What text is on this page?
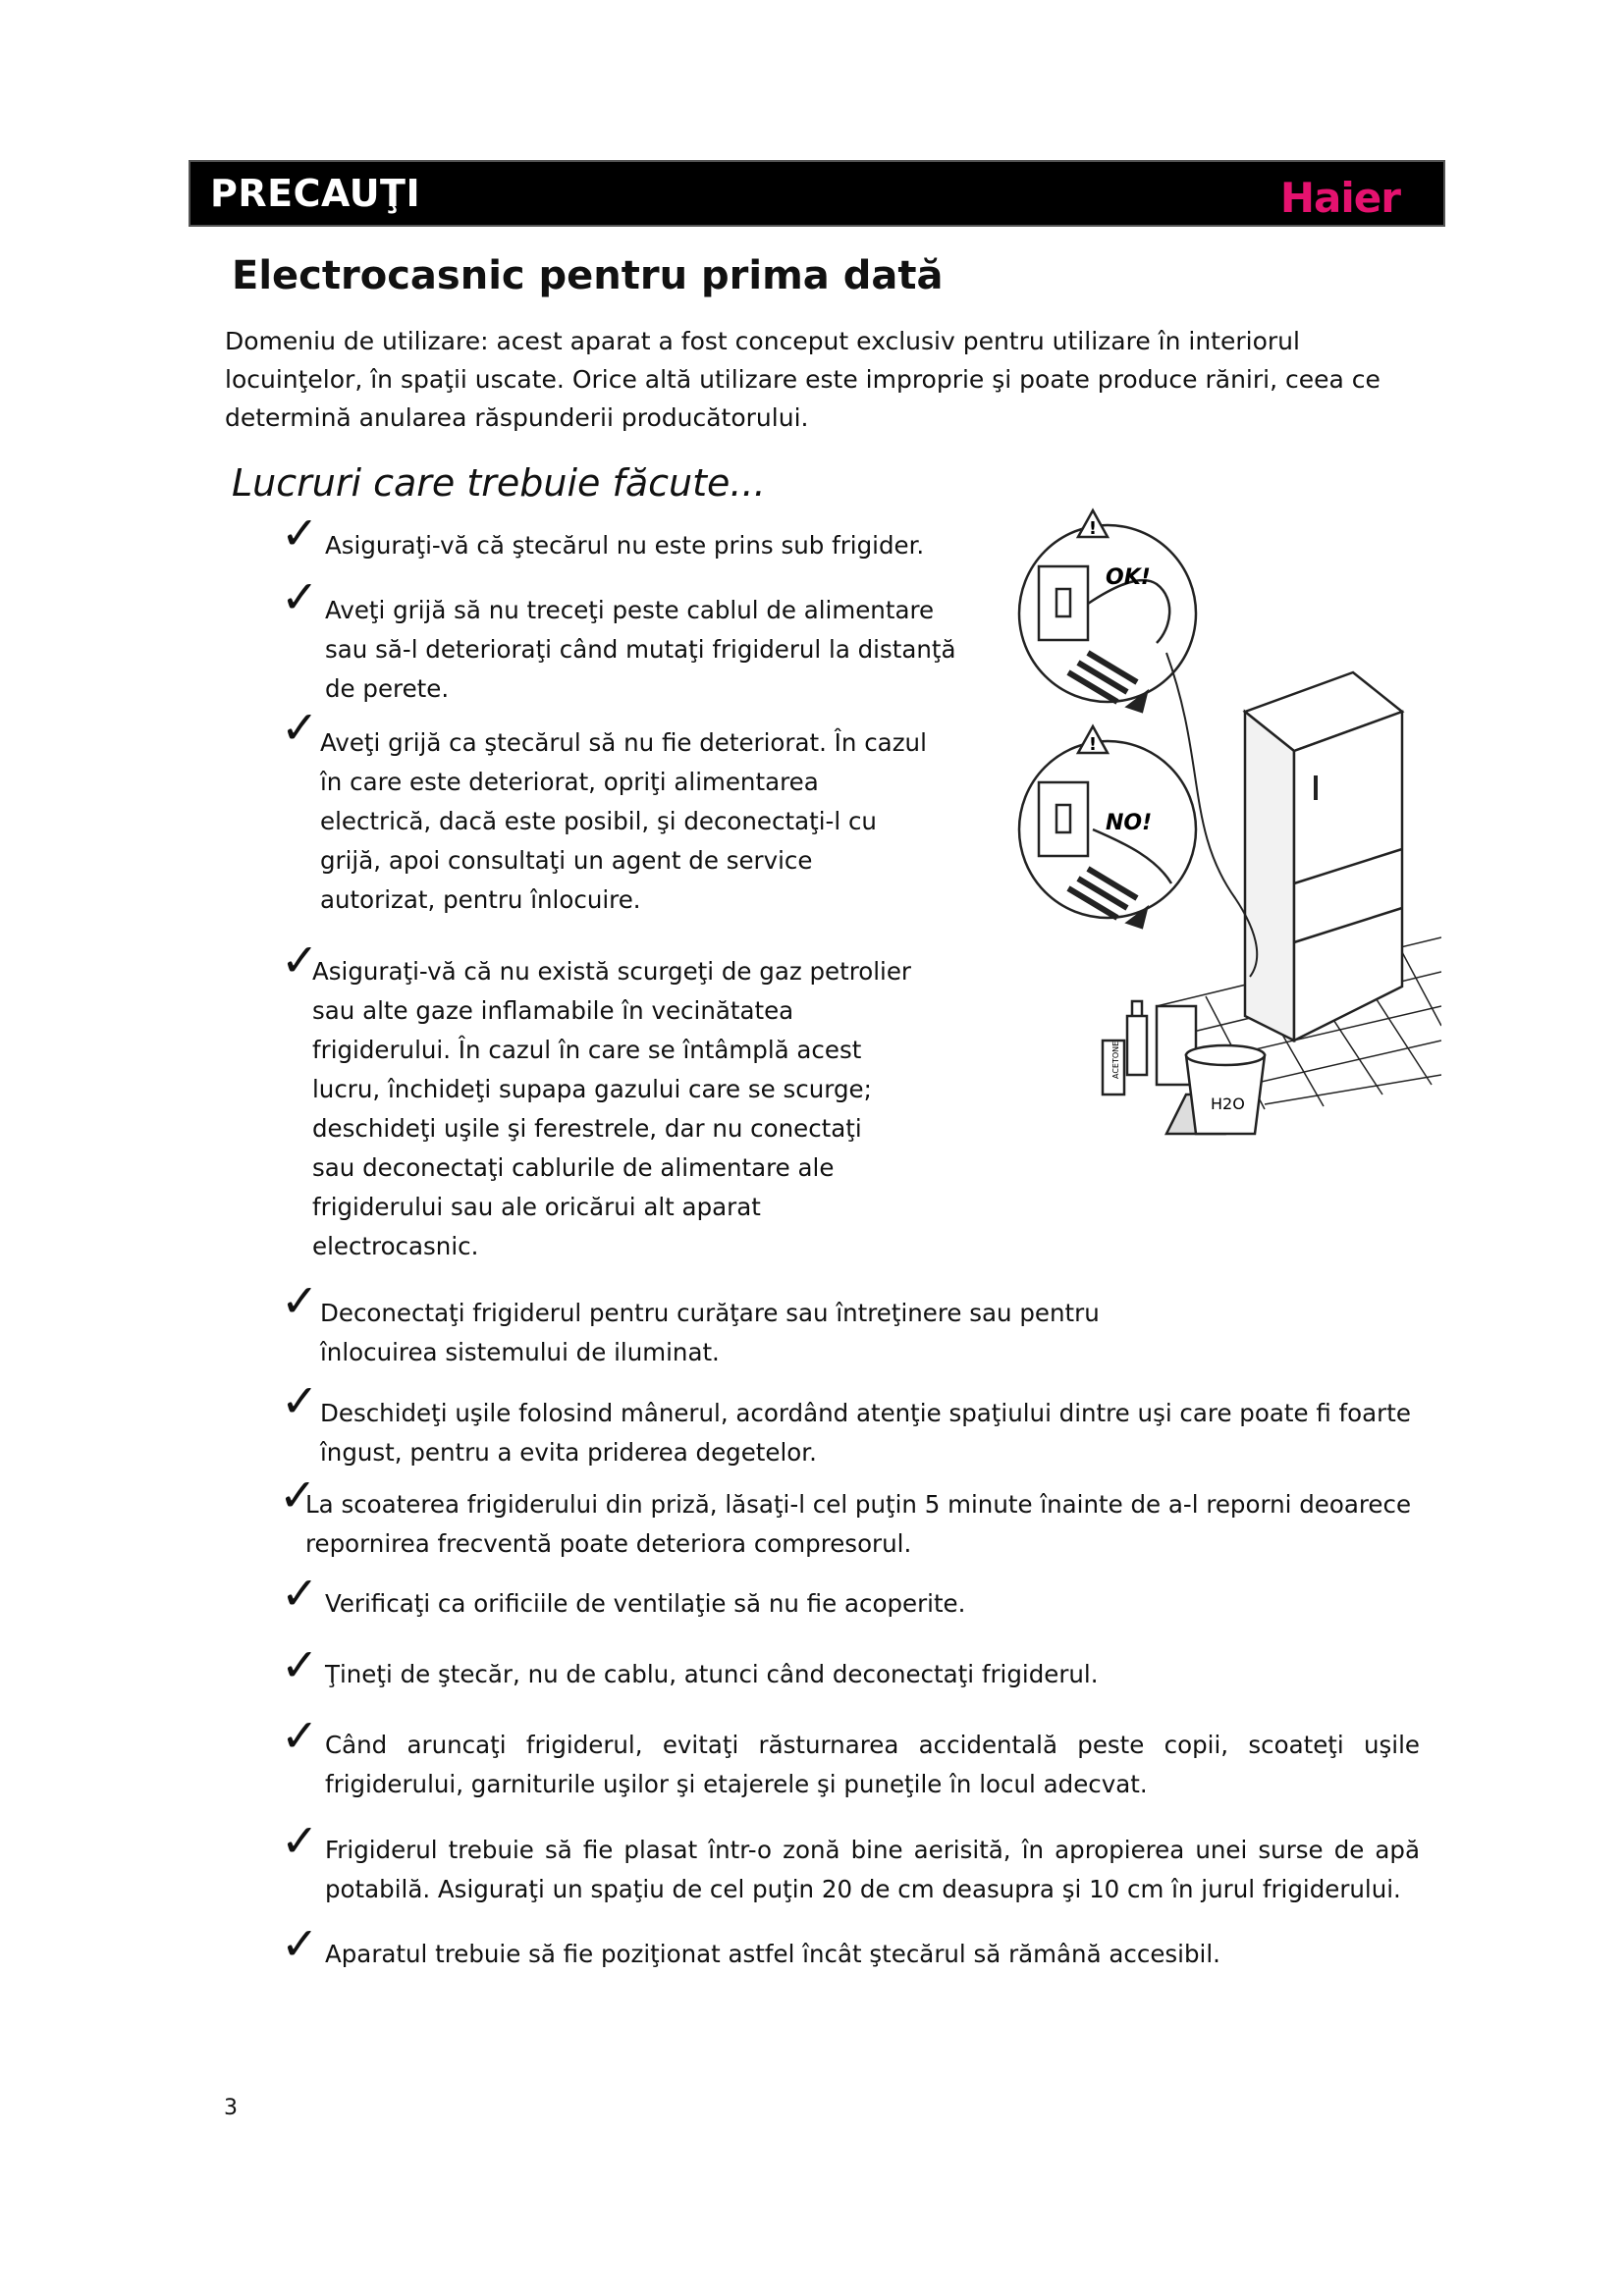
PRECAUŢI	Haier
Electrocasnic pentru prima dată
Domeniu de utilizare: acest aparat a fost conceput exclusiv pentru utilizare în interiorul locuinţelor, în spaţii uscate. Orice altă utilizare este improprie şi poate produce răniri, ceea ce determină anularea răspunderii producătorului.
Lucruri care trebuie făcute...
✓ Asiguraţi-vă că ştecărul nu este prins sub frigider.
✓ Aveţi grijă să nu treceţi peste cablul de alimentare sau să-l deterioraţi când mutaţi frigiderul la distanţă de perete.
✓ Aveţi grijă ca ştecărul să nu fie deteriorat. În cazul în care este deteriorat, opriţi alimentarea electrică, dacă este posibil, şi deconectaţi-l cu grijă, apoi consultaţi un agent de service autorizat, pentru înlocuire.
✓
Asiguraţi-vă că nu există scurgeţi de gaz petrolier sau alte gaze inflamabile în vecinătatea frigiderului. În cazul în care se întâmplă acest lucru, închideţi supapa gazului care se scurge; deschideţi uşile şi ferestrele, dar nu conectaţi sau deconectaţi cablurile de alimentare ale frigiderului sau ale oricărui alt aparat electrocasnic.
✓ Deconectaţi frigiderul pentru curăţare sau întreţinere sau pentru înlocuirea sistemului de iluminat.
✓ Deschideţi uşile folosind mânerul, acordând atenţie spaţiului dintre uşi care poate fi foarte îngust, pentru a evita priderea degetelor.
✓
La scoaterea frigiderului din priză, lăsaţi-l cel puţin 5 minute înainte de a-l reporni deoarece repornirea frecventă poate deteriora compresorul.
✓ Verificaţi ca orificiile de ventilaţie să nu fie acoperite.
✓ Ţineţi de ştecăr, nu de cablu, atunci când deconectaţi frigiderul.
✓ Când aruncaţi frigiderul, evitaţi răsturnarea accidentală peste copii, scoateţi uşile frigiderului, garniturile uşilor şi etajerele şi puneţile în locul adecvat.
✓ Frigiderul trebuie să fie plasat într-o zonă bine aerisită, în apropierea unei surse de apă potabilă. Asiguraţi un spaţiu de cel puţin 20 de cm deasupra şi 10 cm în jurul frigiderului.
✓ Aparatul trebuie să fie poziţionat astfel încât ştecărul să rămână accesibil.
!
!
OK!
NO!
H2O
ACETONE
3
